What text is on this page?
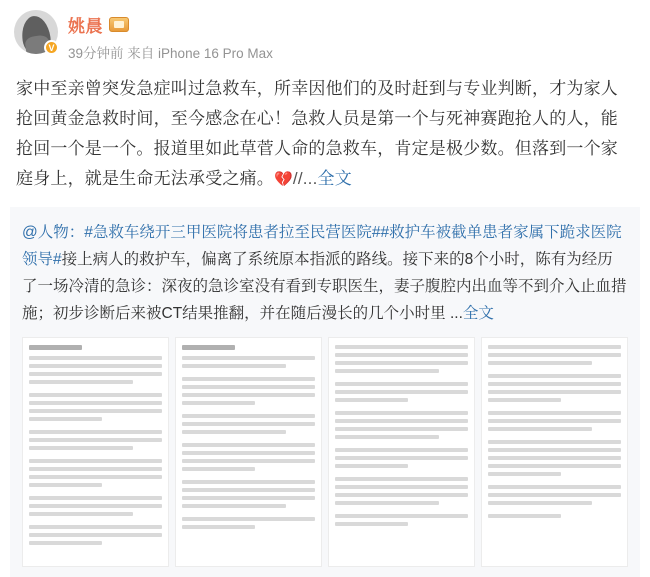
V
姚晨
39分钟前 来自 iPhone 16 Pro Max
家中至亲曾突发急症叫过急救车，所幸因他们的及时赶到与专业判断，才为家人抢回黄金急救时间，至今感念在心！急救人员是第一个与死神赛跑抢人的人，能抢回一个是一个。报道里如此草菅人命的急救车，肯定是极少数。但落到一个家庭身上，就是生命无法承受之痛。💔//...全文
@人物：#急救车绕开三甲医院将患者拉至民营医院##救护车被截单患者家属下跪求医院领导#接上病人的救护车，偏离了系统原本指派的路线。接下来的8个小时，陈有为经历了一场冷清的急诊：深夜的急诊室没有看到专职医生，妻子腹腔内出血等不到介入止血措施；初步诊断后来被CT结果推翻，并在随后漫长的几个小时里 ...全文
